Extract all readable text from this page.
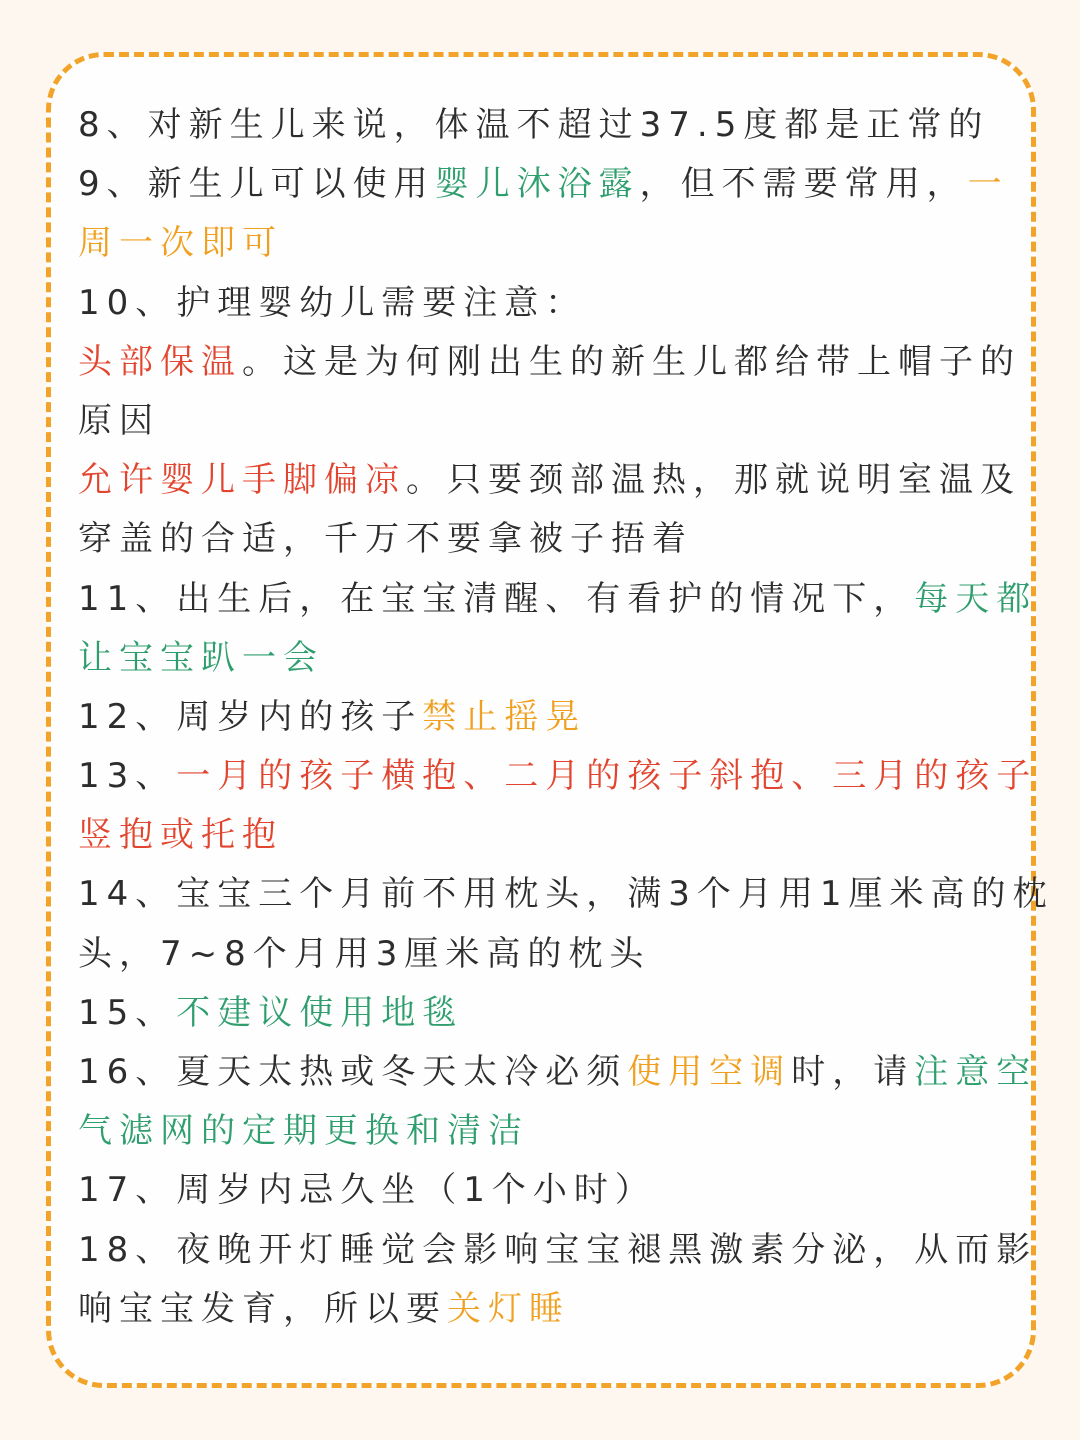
8、对新生儿来说，体温不超过37.5度都是正常的
9、新生儿可以使用婴儿沐浴露，但不需要常用，一
周一次即可
10、护理婴幼儿需要注意：
头部保温。这是为何刚出生的新生儿都给带上帽子的
原因
允许婴儿手脚偏凉。只要颈部温热，那就说明室温及
穿盖的合适，千万不要拿被子捂着
11、出生后，在宝宝清醒、有看护的情况下，每天都
让宝宝趴一会
12、周岁内的孩子禁止摇晃
13、一月的孩子横抱、二月的孩子斜抱、三月的孩子
竖抱或托抱
14、宝宝三个月前不用枕头，满3个月用1厘米高的枕
头，7~8个月用3厘米高的枕头
15、不建议使用地毯
16、夏天太热或冬天太冷必须使用空调时，请注意空
气滤网的定期更换和清洁
17、周岁内忌久坐（1个小时）
18、夜晚开灯睡觉会影响宝宝褪黑激素分泌，从而影
响宝宝发育，所以要关灯睡
